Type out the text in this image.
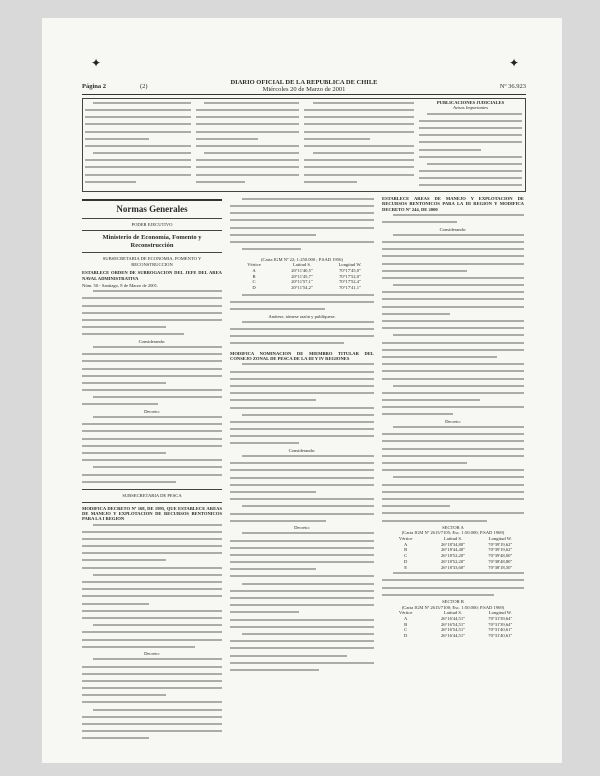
✦	✦
Página 2	(2)
DIARIO OFICIAL DE LA REPUBLICA DE CHILE
Miércoles 20 de Marzo de 2001	Nº 36.923
PUBLICACIONES JUDICIALES
Avisos Importantes
Normas Generales
PODER EJECUTIVO
Ministerio de Economía, Fomento y Reconstrucción
SUBSECRETARIA DE ECONOMIA, FOMENTO Y RECONSTRUCCION
ESTABLECE ORDEN DE SUBROGACION DEL JEFE DEL AREA NAVAL ADMINISTRATIVA
Núm. 50.- Santiago, 8 de Marzo de 2001.
Considerando:
Decreto:
SUBSECRETARIA DE PESCA
MODIFICA DECRETO Nº 168, DE 1995, QUE ESTABLECE AREAS DE MANEJO Y EXPLOTACION DE RECURSOS BENTONICOS PARA LA I REGION
Decreto:
(Carta IGM Nº 22; 1:250.000 ; P.SAD 1956)
Vértice	Latitud S.	Longitud W.
A	20°11'40,5"	70°17'45,0"
B	20°11'45,7"	70°17'52,0"
C	20°11'57,1"	70°17'52,4"
D	20°11'54,2"	70°17'41,1"
Anótese, tómese razón y publíquese.
MODIFICA NOMINACION DE MIEMBRO TITULAR DEL CONSEJO ZONAL DE PESCA DE LA III Y IV REGIONES
Considerando:
Decreto:
ESTABLECE AREAS DE MANEJO Y EXPLOTACION DE RECURSOS BENTONICOS PARA LA III REGION Y MODIFICA DECRETO Nº 244, DE 2000
Considerando:
Decreto:
SECTOR A
(Carta IGM Nº 2615/7105; Esc. 1:50.000; P.SAD 1969)
Vértice	Latitud S.	Longitud W.
A	26°18'34,80"	70°39'19,62"
B	26°18'44,40"	70°39'19,62"
C	26°18'52,20"	70°39'48,00"
D	26°18'52,20"	70°38'48,80"
E	26°18'33,60"	70°38'18,50"
SECTOR B
(Carta IGM Nº 2615/7100; Esc. 1:50.000; P.SAD 1969)
Vértice	Latitud S.	Longitud W.
A	26°16'44,51"	70°31'39,64"
B	26°16'54,51"	70°31'39,64"
C	26°16'54,51"	70°31'40,61"
D	26°16'44,51"	70°31'40,61"
